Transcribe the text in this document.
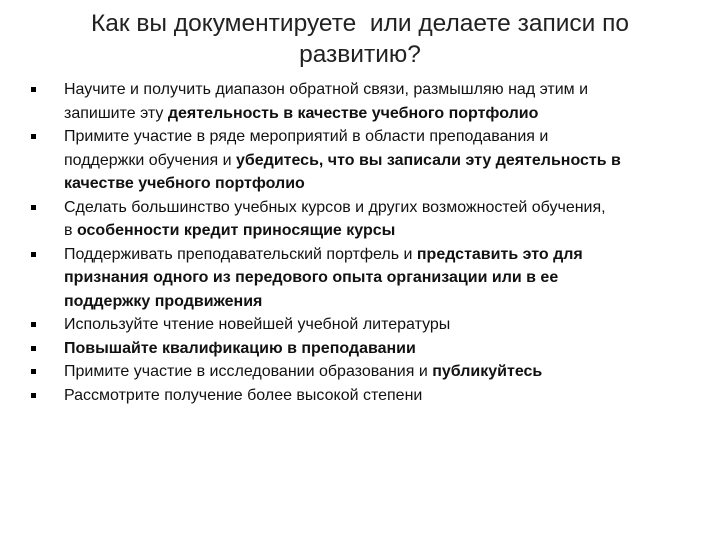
Как вы документируете  или делаете записи по
развитию?
Научите и получить диапазон обратной связи, размышляю над этим и
запишите эту деятельность в качестве учебного портфолио
Примите участие в ряде мероприятий в области преподавания и
поддержки обучения и убедитесь, что вы записали эту деятельность в
качестве учебного портфолио
Сделать большинство учебных курсов и других возможностей обучения,
в особенности кредит приносящие курсы
Поддерживать преподавательский портфель и представить это для
признания одного из передового опыта организации или в ее
поддержку продвижения
Используйте чтение новейшей учебной литературы
Повышайте квалификацию в преподавании
Примите участие в исследовании образования и публикуйтесь
Рассмотрите получение более высокой степени
